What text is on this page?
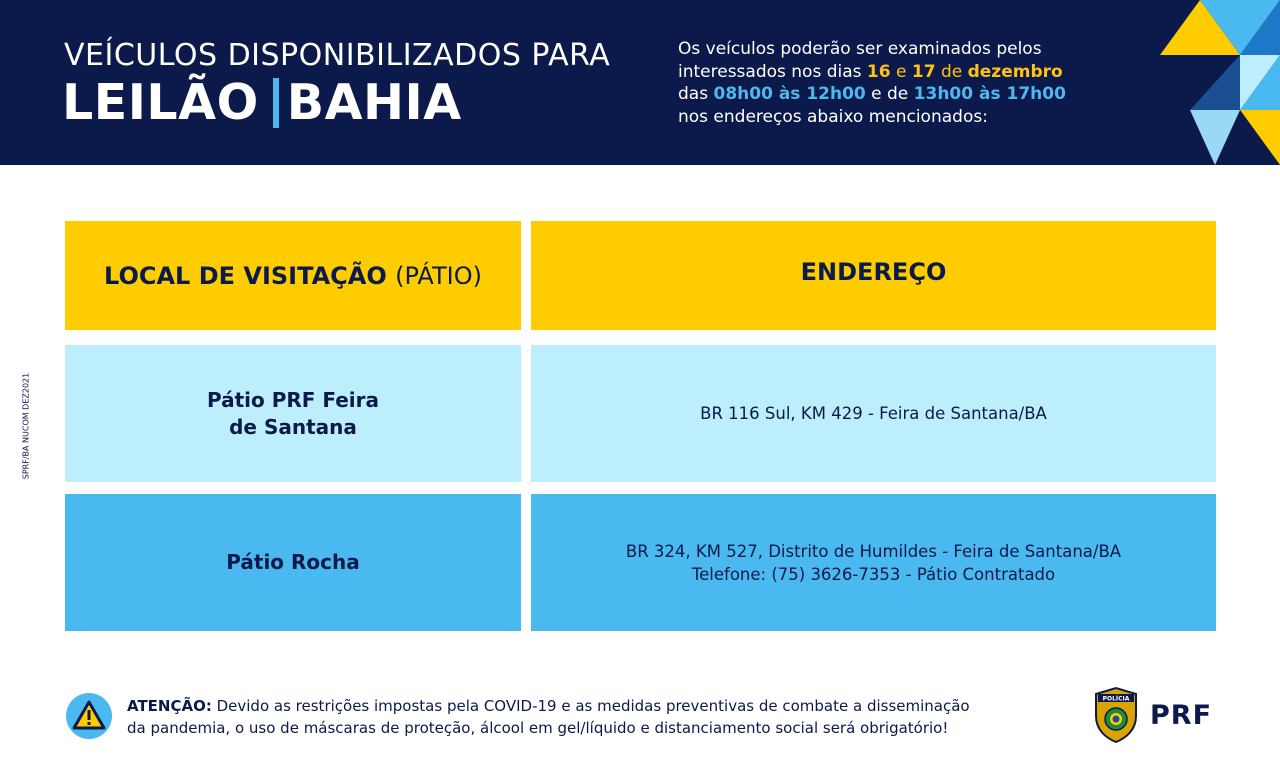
VEÍCULOS DISPONIBILIZADOS PARA
LEILÃO BAHIA
Os veículos poderão ser examinados pelos
interessados nos dias 16 e 17 de dezembro
das 08h00 às 12h00 e de 13h00 às 17h00
nos endereços abaixo mencionados:
LOCAL DE VISITAÇÃO (PÁTIO)	ENDEREÇO
Pátio PRF Feira
de Santana
BR 116 Sul, KM 429 - Feira de Santana/BA
Pátio Rocha	BR 324, KM 527, Distrito de Humildes - Feira de Santana/BA
Telefone: (75) 3626-7353 - Pátio Contratado
SPRF/BA NUCOM DEZ2021
ATENÇÃO: Devido as restrições impostas pela COVID-19 e as medidas preventivas de combate a disseminação
da pandemia, o uso de máscaras de proteção, álcool em gel/líquido e distanciamento social será obrigatório!
POLÍCIA
PRF
